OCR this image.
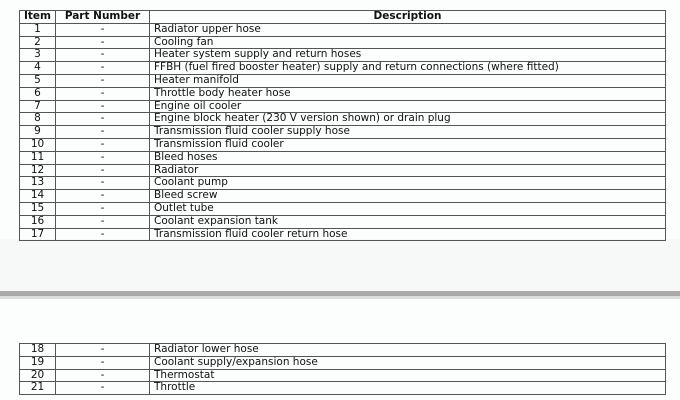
Item	Part Number	Description
1	-	Radiator upper hose
2	-	Cooling fan
3	-	Heater system supply and return hoses
4	-	FFBH (fuel fired booster heater) supply and return connections (where fitted)
5	-	Heater manifold
6	-	Throttle body heater hose
7	-	Engine oil cooler
8	-	Engine block heater (230 V version shown) or drain plug
9	-	Transmission fluid cooler supply hose
10	-	Transmission fluid cooler
11	-	Bleed hoses
12	-	Radiator
13	-	Coolant pump
14	-	Bleed screw
15	-	Outlet tube
16	-	Coolant expansion tank
17	-	Transmission fluid cooler return hose
18	-	Radiator lower hose
19	-	Coolant supply/expansion hose
20	-	Thermostat
21	-	Throttle
